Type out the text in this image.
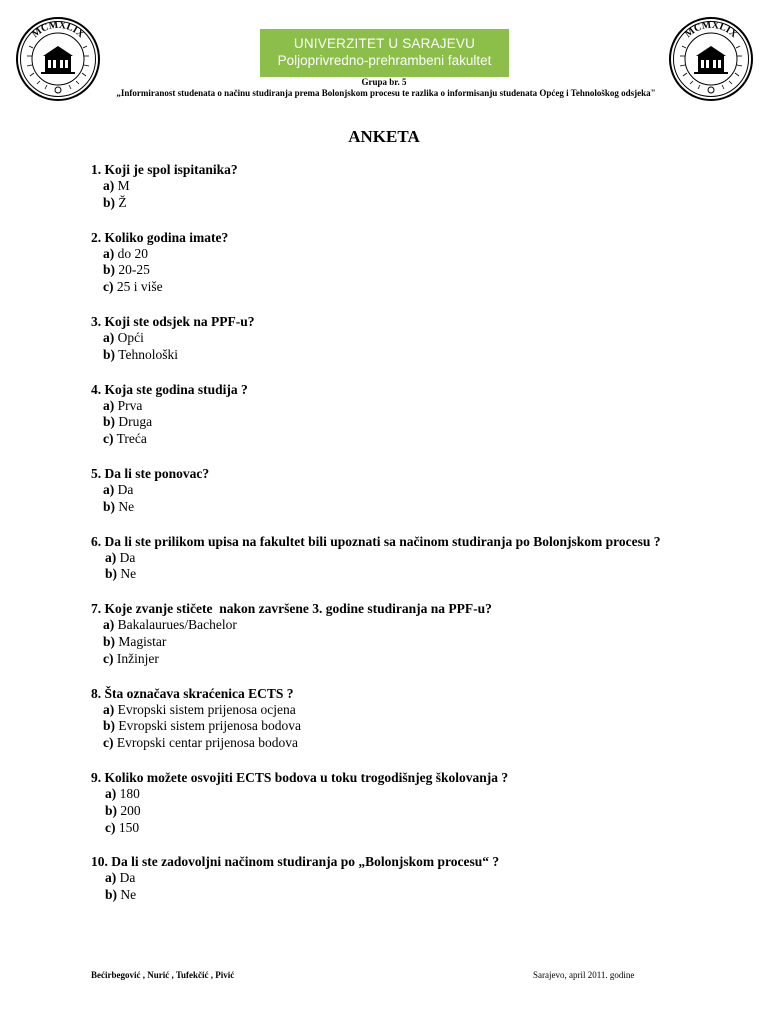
MCMXLIX
UNIVERZITET U SARAJEVU
Poljoprivredno-prehrambeni fakultet
MCMXLIX
Grupa br. 5
„Informiranost studenata o načinu studiranja prema Bolonjskom procesu te razlika o informisanju studenata Općeg i Tehnološkog odsjeka"
ANKETA
1. Koji je spol ispitanika?
a) M
b) Ž
2. Koliko godina imate?
a) do 20
b) 20-25
c) 25 i više
3. Koji ste odsjek na PPF-u?
a) Opći
b) Tehnološki
4. Koja ste godina studija ?
a) Prva
b) Druga
c) Treća
5. Da li ste ponovac?
a) Da
b) Ne
6. Da li ste prilikom upisa na fakultet bili upoznati sa načinom studiranja po Bolonjskom procesu ?
a) Da
b) Ne
7. Koje zvanje stičete  nakon završene 3. godine studiranja na PPF-u?
a) Bakalaurues/Bachelor
b) Magistar
c) Inžinjer
8. Šta označava skraćenica ECTS ?
a) Evropski sistem prijenosa ocjena
b) Evropski sistem prijenosa bodova
c) Evropski centar prijenosa bodova
9. Koliko možete osvojiti ECTS bodova u toku trogodišnjeg školovanja ?
a) 180
b) 200
c) 150
10. Da li ste zadovoljni načinom studiranja po „Bolonjskom procesu“ ?
a) Da
b) Ne
Bećirbegović , Nurić , Tufekčić , Pivić	Sarajevo, april 2011. godine
